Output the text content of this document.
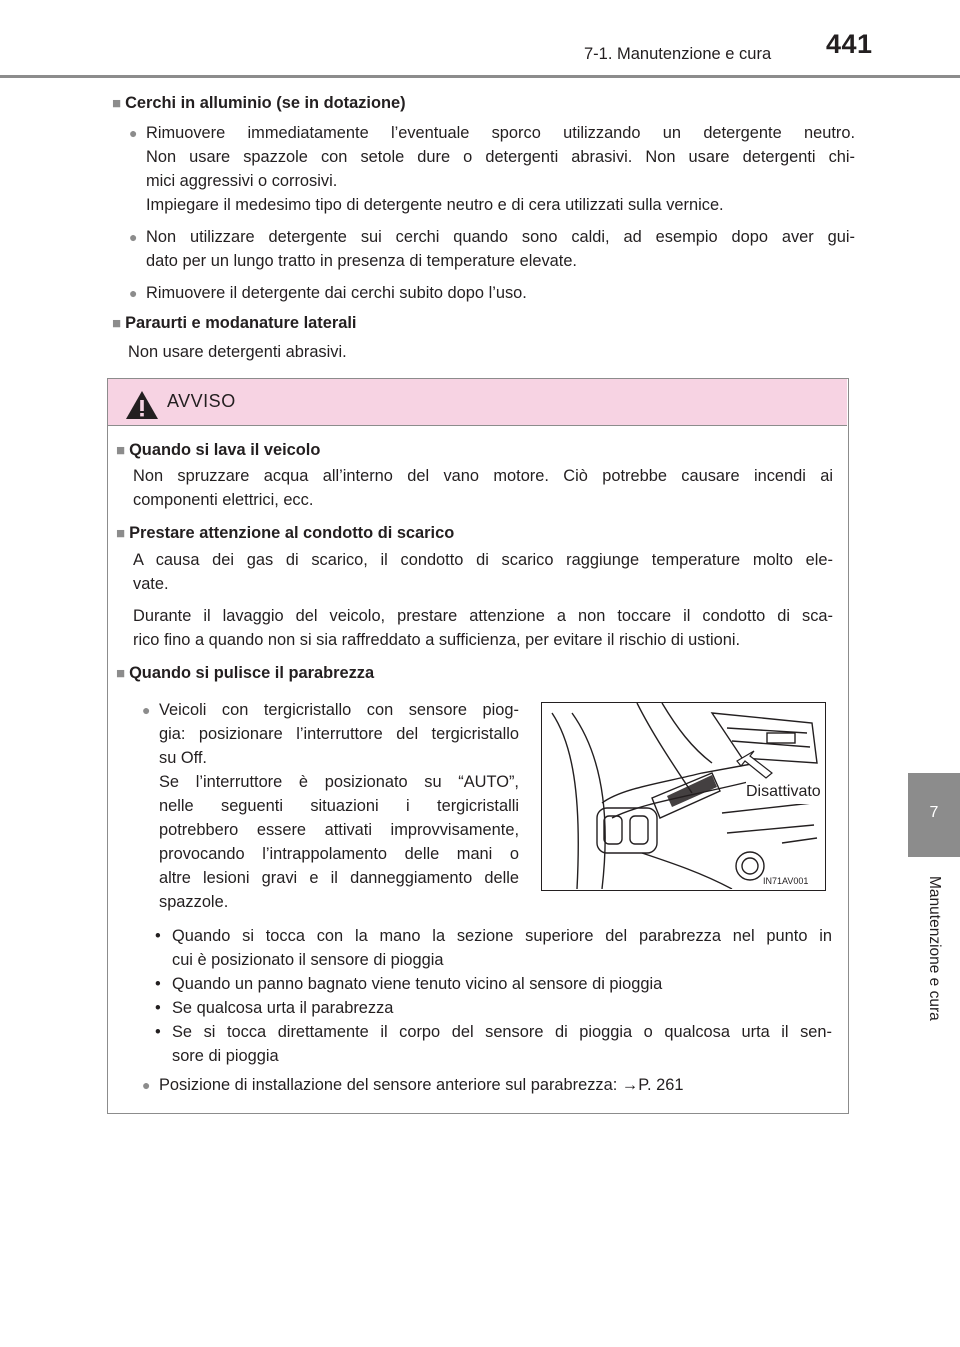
7-1. Manutenzione e cura 441
7
Manutenzione e cura
■ Cerchi in alluminio (se in dotazione)
● Rimuovere immediatamente l’eventuale sporco utilizzando un detergente neutro.
Non usare spazzole con setole dure o detergenti abrasivi. Non usare detergenti chi-
mici aggressivi o corrosivi.
Impiegare il medesimo tipo di detergente neutro e di cera utilizzati sulla vernice.
● Non utilizzare detergente sui cerchi quando sono caldi, ad esempio dopo aver gui-
dato per un lungo tratto in presenza di temperature elevate.
● Rimuovere il detergente dai cerchi subito dopo l’uso.
■ Paraurti e modanature laterali
Non usare detergenti abrasivi.
AVVISO
■ Quando si lava il veicolo
Non spruzzare acqua all’interno del vano motore. Ciò potrebbe causare incendi ai
componenti elettrici, ecc.
■ Prestare attenzione al condotto di scarico
A causa dei gas di scarico, il condotto di scarico raggiunge temperature molto ele-
vate.
Durante il lavaggio del veicolo, prestare attenzione a non toccare il condotto di sca-
rico fino a quando non si sia raffreddato a sufficienza, per evitare il rischio di ustioni.
■ Quando si pulisce il parabrezza
● Veicoli con tergicristallo con sensore piog-
gia: posizionare l’interruttore del tergicristallo
su Off.
Se l’interruttore è posizionato su “AUTO”,
nelle seguenti situazioni i tergicristalli
potrebbero essere attivati improvvisamente,
provocando l’intrappolamento delle mani o
altre lesioni gravi e il danneggiamento delle
spazzole.
Disattivato
IN71AV001
• Quando si tocca con la mano la sezione superiore del parabrezza nel punto in
cui è posizionato il sensore di pioggia
• Quando un panno bagnato viene tenuto vicino al sensore di pioggia
• Se qualcosa urta il parabrezza
• Se si tocca direttamente il corpo del sensore di pioggia o qualcosa urta il sen-
sore di pioggia
● Posizione di installazione del sensore anteriore sul parabrezza: →P. 261
